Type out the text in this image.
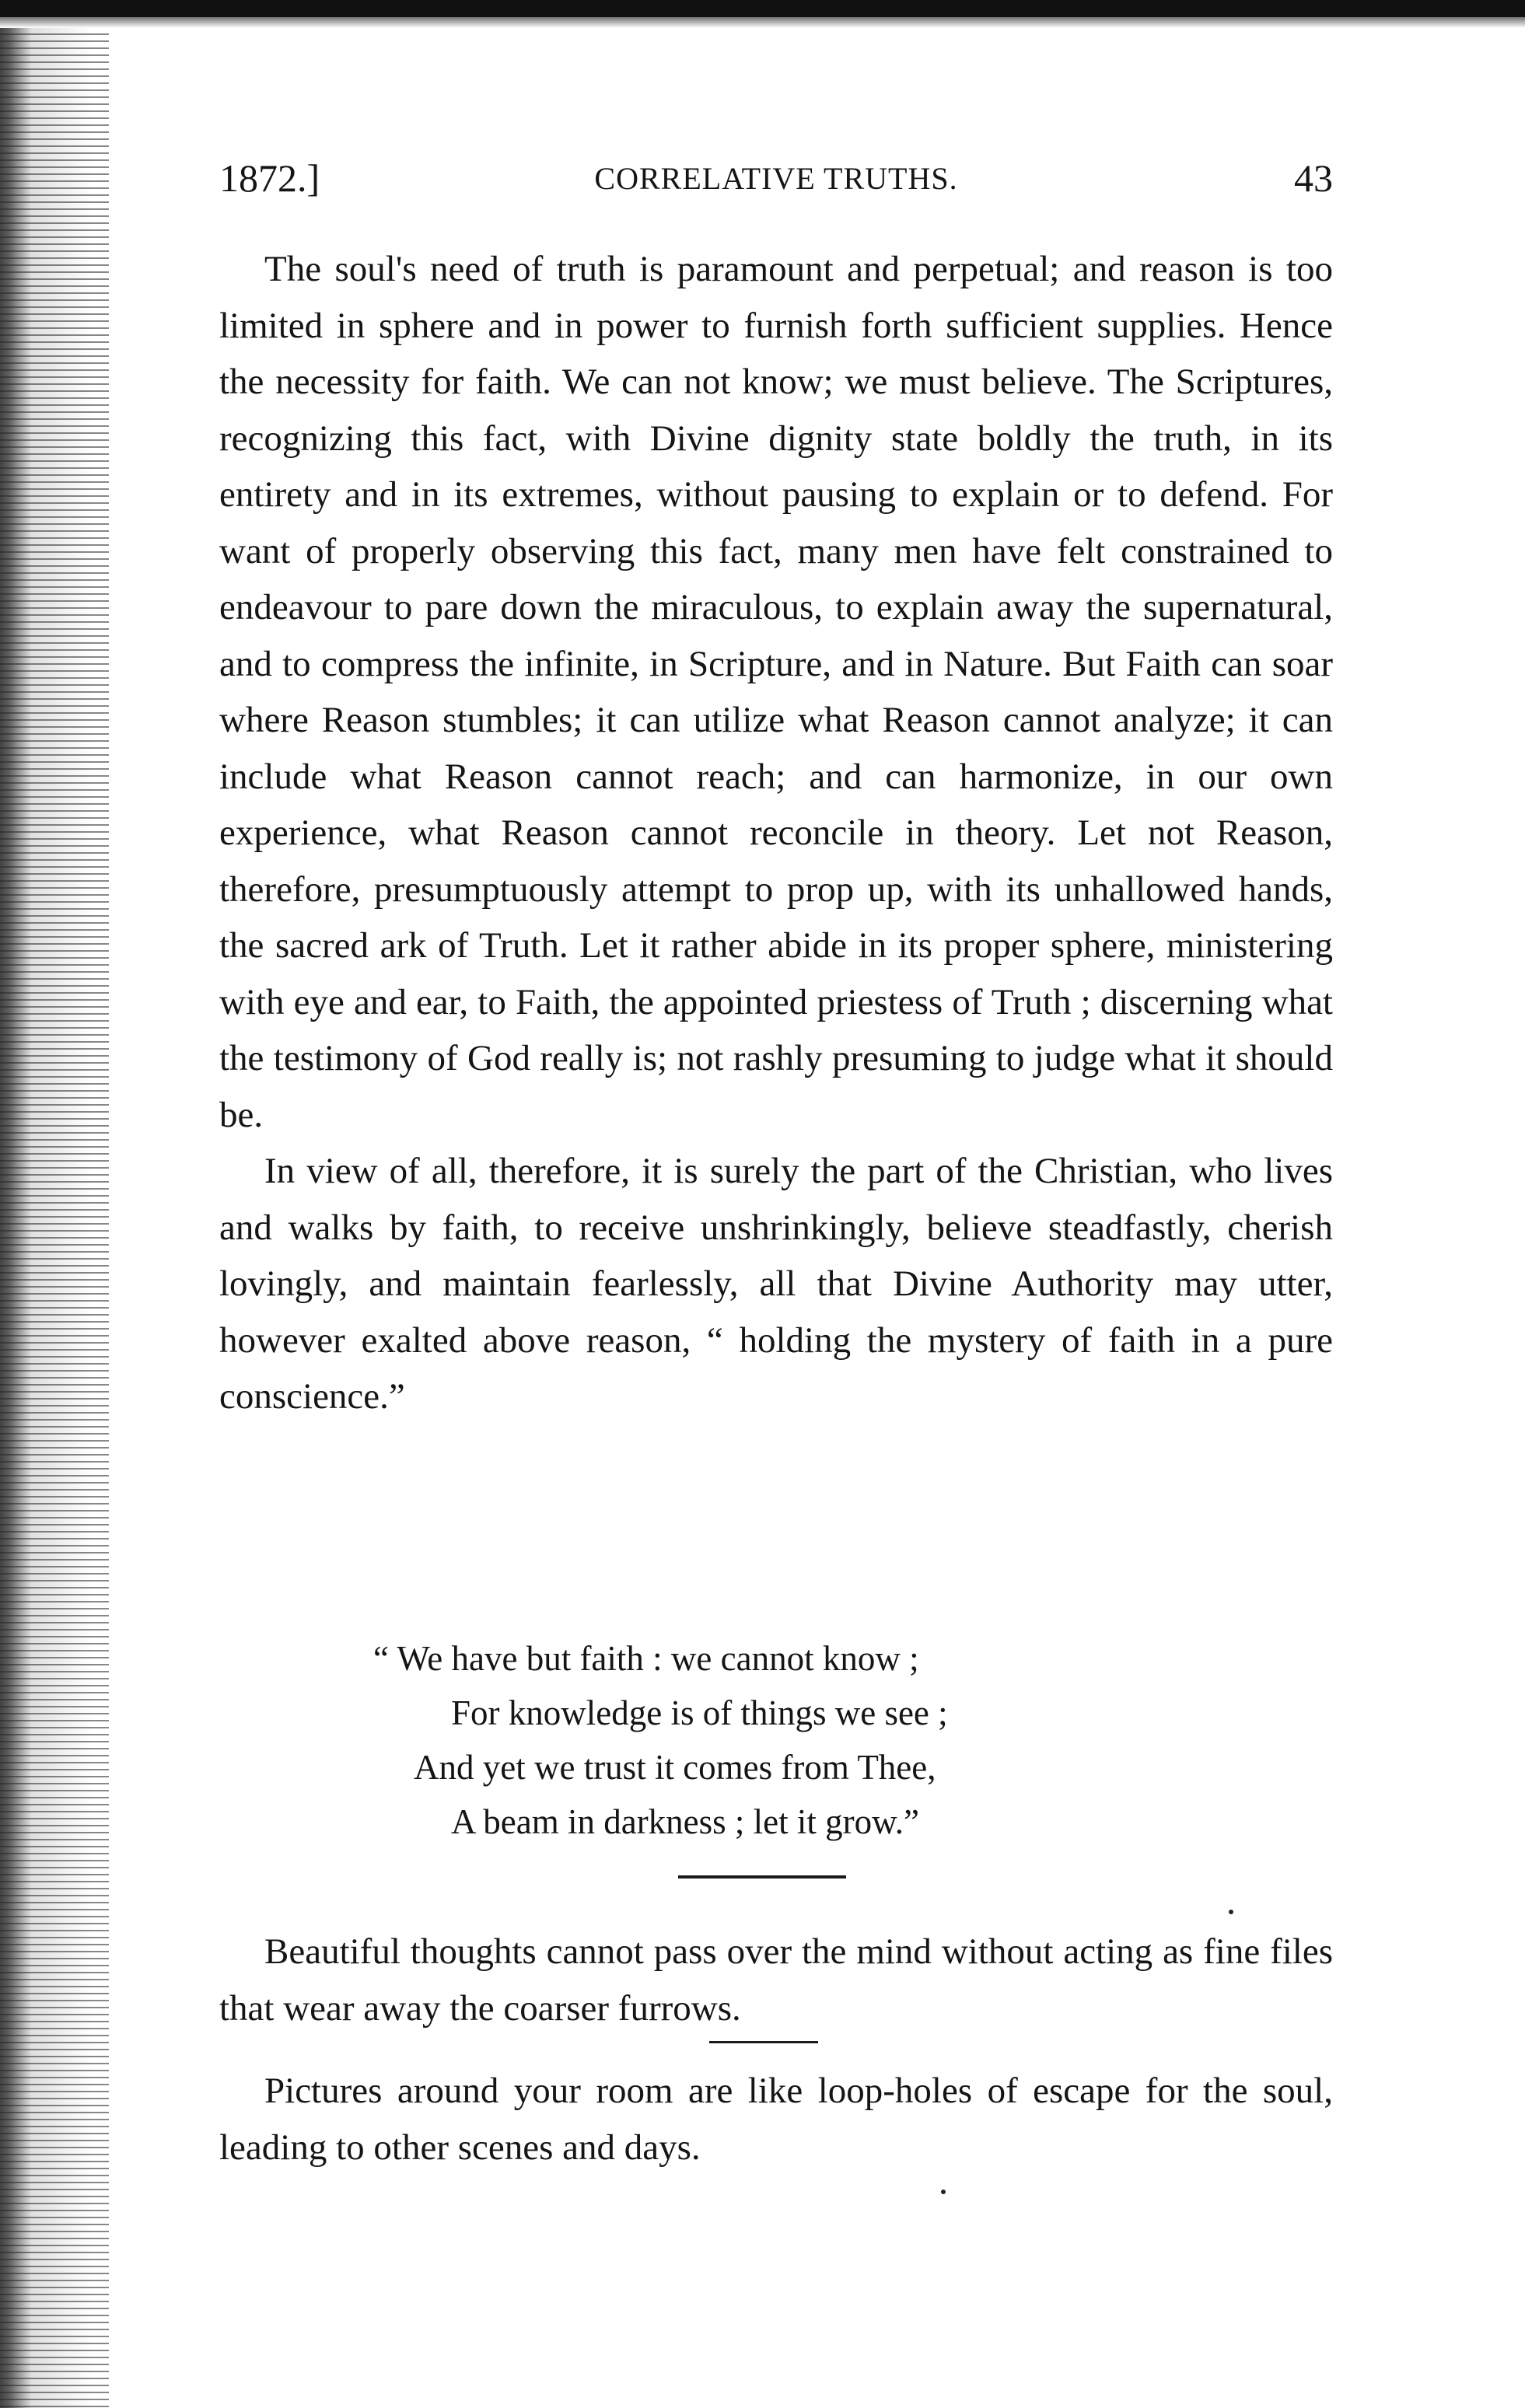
1872.]	CORRELATIVE TRUTHS.	43

The soul's need of truth is paramount and perpetual; and reason is too limited in sphere and in power to furnish forth sufficient supplies. Hence the necessity for faith. We can not know; we must believe. The Scriptures, recognizing this fact, with Divine dignity state boldly the truth, in its entirety and in its extremes, without pausing to explain or to defend. For want of properly observing this fact, many men have felt constrained to endeavour to pare down the miraculous, to explain away the supernatural, and to compress the infinite, in Scripture, and in Nature. But Faith can soar where Reason stumbles; it can utilize what Reason cannot analyze; it can include what Reason cannot reach; and can harmonize, in our own experience, what Reason cannot reconcile in theory. Let not Reason, therefore, presumptuously attempt to prop up, with its unhallowed hands, the sacred ark of Truth. Let it rather abide in its proper sphere, ministering with eye and ear, to Faith, the appointed priestess of Truth ; discerning what the testimony of God really is; not rashly presuming to judge what it should be.

In view of all, therefore, it is surely the part of the Christian, who lives and walks by faith, to receive unshrinkingly, believe steadfastly, cherish lovingly, and maintain fearlessly, all that Divine Authority may utter, however exalted above reason, “ holding the mystery of faith in a pure conscience.”

“ We have but faith : we cannot know ;
For knowledge is of things we see ;
And yet we trust it comes from Thee,
A beam in darkness ; let it grow.”

Beautiful thoughts cannot pass over the mind without acting as fine files that wear away the coarser furrows.

Pictures around your room are like loop-holes of escape for the soul, leading to other scenes and days.
